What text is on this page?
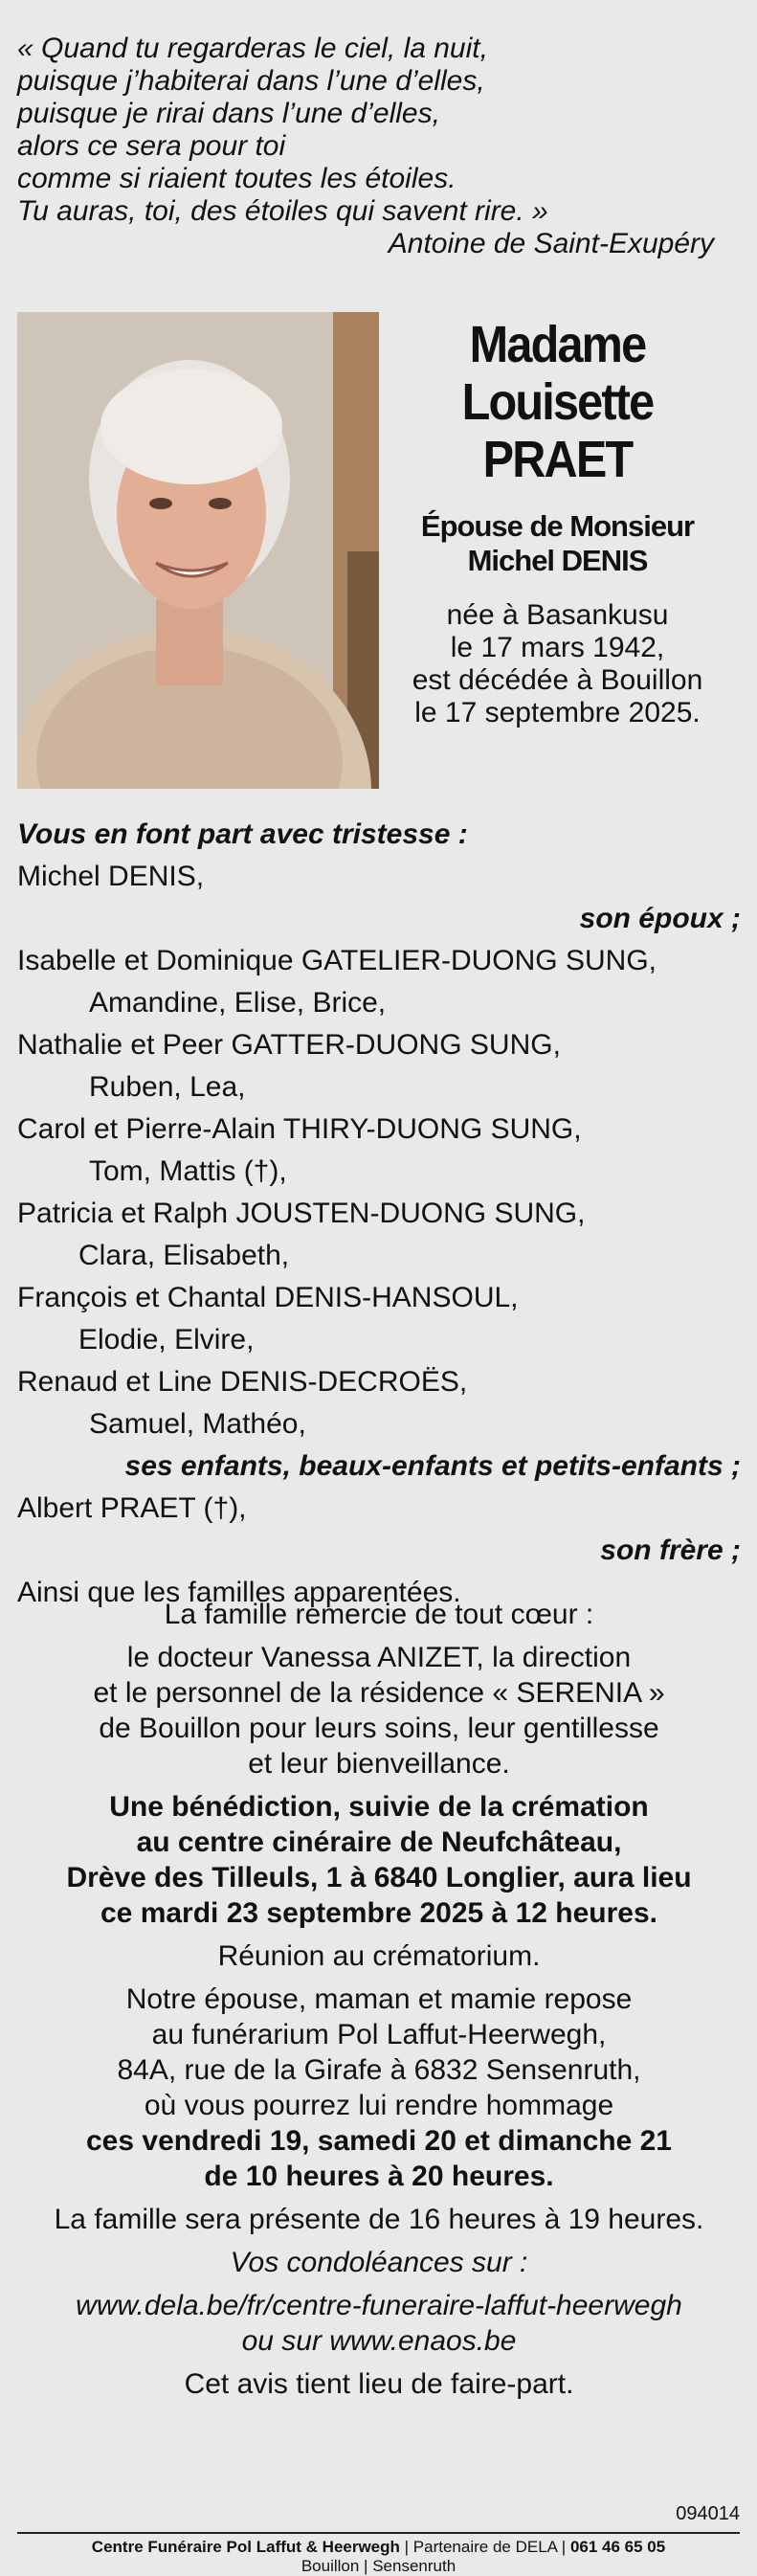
« Quand tu regarderas le ciel, la nuit,
puisque j’habiterai dans l’une d’elles,
puisque je rirai dans l’une d’elles,
alors ce sera pour toi
comme si riaient toutes les étoiles.
Tu auras, toi, des étoiles qui savent rire. »
Antoine de Saint-Exupéry
Madame
Louisette
PRAET
Épouse de Monsieur
Michel DENIS
née à Basankusu
le 17 mars 1942,
est décédée à Bouillon
le 17 septembre 2025.
Vous en font part avec tristesse :
Michel DENIS,
son époux ;
Isabelle et Dominique GATELIER-DUONG SUNG,
Amandine, Elise, Brice,
Nathalie et Peer GATTER-DUONG SUNG,
Ruben, Lea,
Carol et Pierre-Alain THIRY-DUONG SUNG,
Tom, Mattis (†),
Patricia et Ralph JOUSTEN-DUONG SUNG,
Clara, Elisabeth,
François et Chantal DENIS-HANSOUL,
Elodie, Elvire,
Renaud et Line DENIS-DECROËS,
Samuel, Mathéo,
ses enfants, beaux-enfants et petits-enfants ;
Albert PRAET (†),
son frère ;
Ainsi que les familles apparentées.
La famille remercie de tout cœur :
le docteur Vanessa ANIZET, la direction
et le personnel de la résidence « SERENIA »
de Bouillon pour leurs soins, leur gentillesse
et leur bienveillance.
Une bénédiction, suivie de la crémation
au centre cinéraire de Neufchâteau,
Drève des Tilleuls, 1 à 6840 Longlier, aura lieu
ce mardi 23 septembre 2025 à 12 heures.
Réunion au crématorium.
Notre épouse, maman et mamie repose
au funérarium Pol Laffut-Heerwegh,
84A, rue de la Girafe à 6832 Sensenruth,
où vous pourrez lui rendre hommage
ces vendredi 19, samedi 20 et dimanche 21
de 10 heures à 20 heures.
La famille sera présente de 16 heures à 19 heures.
Vos condoléances sur :
www.dela.be/fr/centre-funeraire-laffut-heerwegh
ou sur www.enaos.be
Cet avis tient lieu de faire-part.
094014
Centre Funéraire Pol Laffut & Heerwegh | Partenaire de DELA | 061 46 65 05
Bouillon | Sensenruth
